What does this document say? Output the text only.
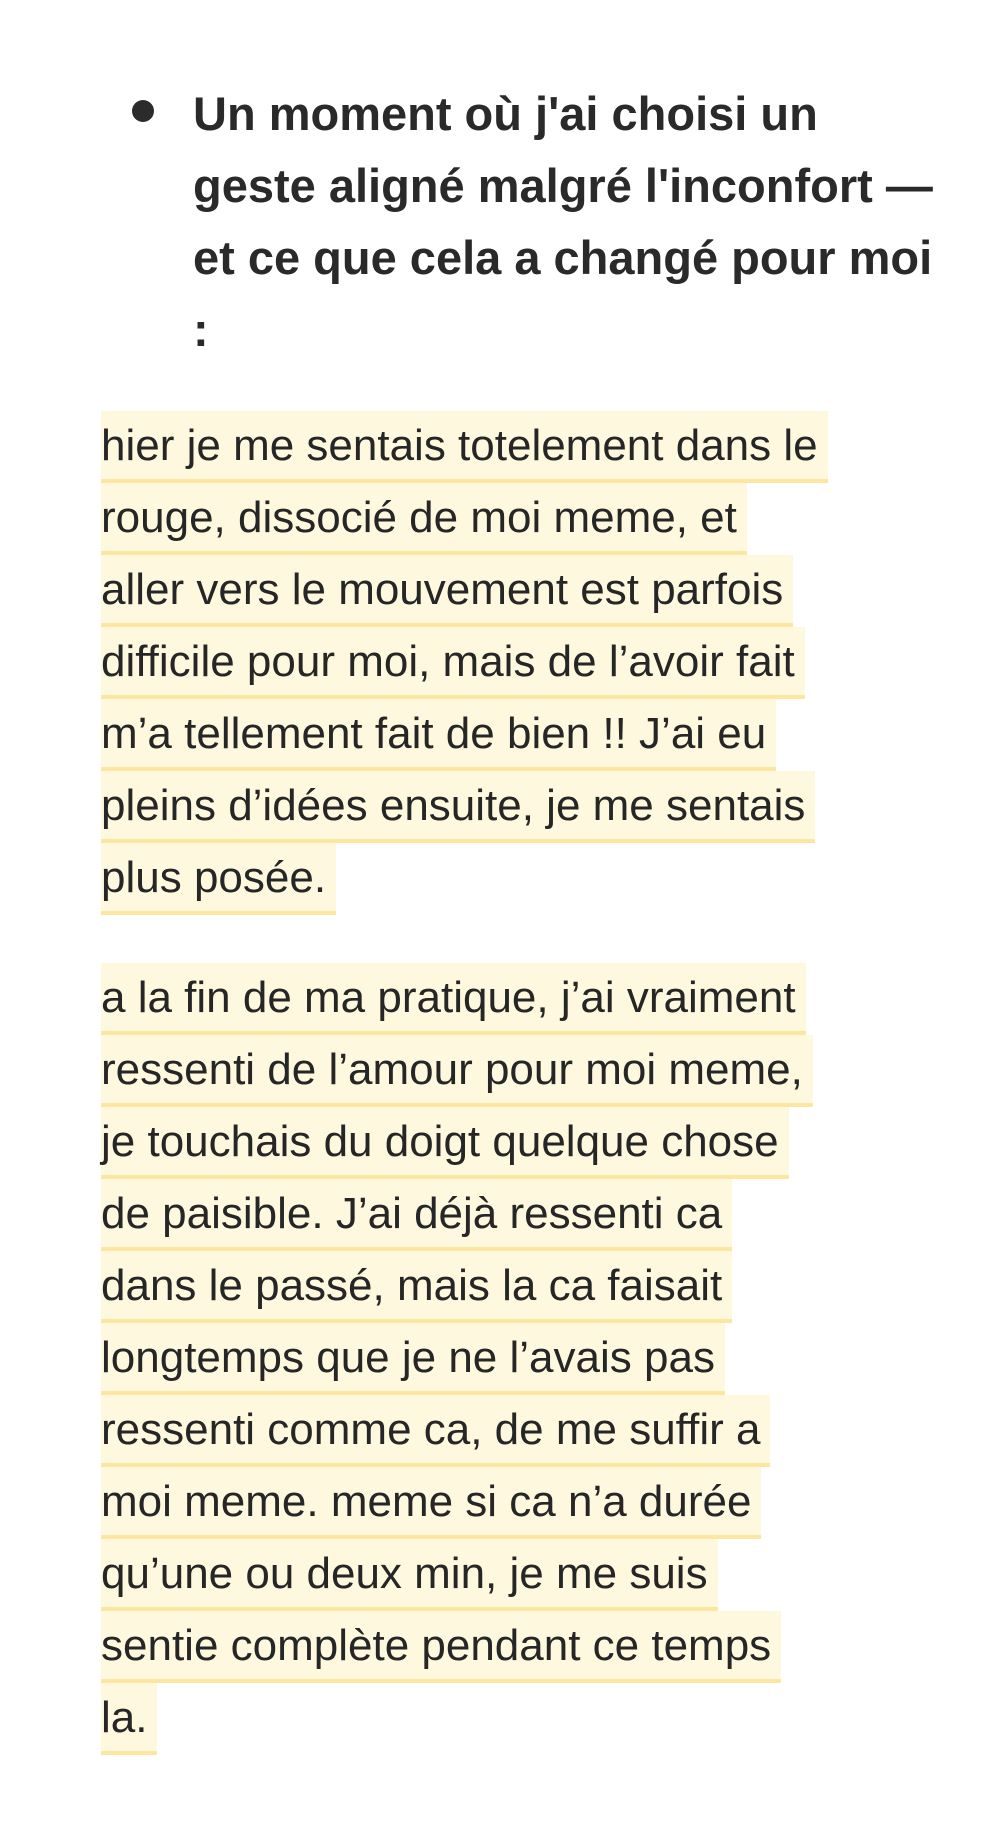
Un moment où j'ai choisi un geste aligné malgré l'inconfort — et ce que cela a changé pour moi :

hier je me sentais totelement dans le
rouge, dissocié de moi meme, et
aller vers le mouvement est parfois
difficile pour moi, mais de l’avoir fait
m’a tellement fait de bien !! J’ai eu
pleins d’idées ensuite, je me sentais
plus posée.
a la fin de ma pratique, j’ai vraiment
ressenti de l’amour pour moi meme,
je touchais du doigt quelque chose
de paisible. J’ai déjà ressenti ca
dans le passé, mais la ca faisait
longtemps que je ne l’avais pas
ressenti comme ca, de me suffir a
moi meme. meme si ca n’a durée
qu’une ou deux min, je me suis
sentie complète pendant ce temps
la.
